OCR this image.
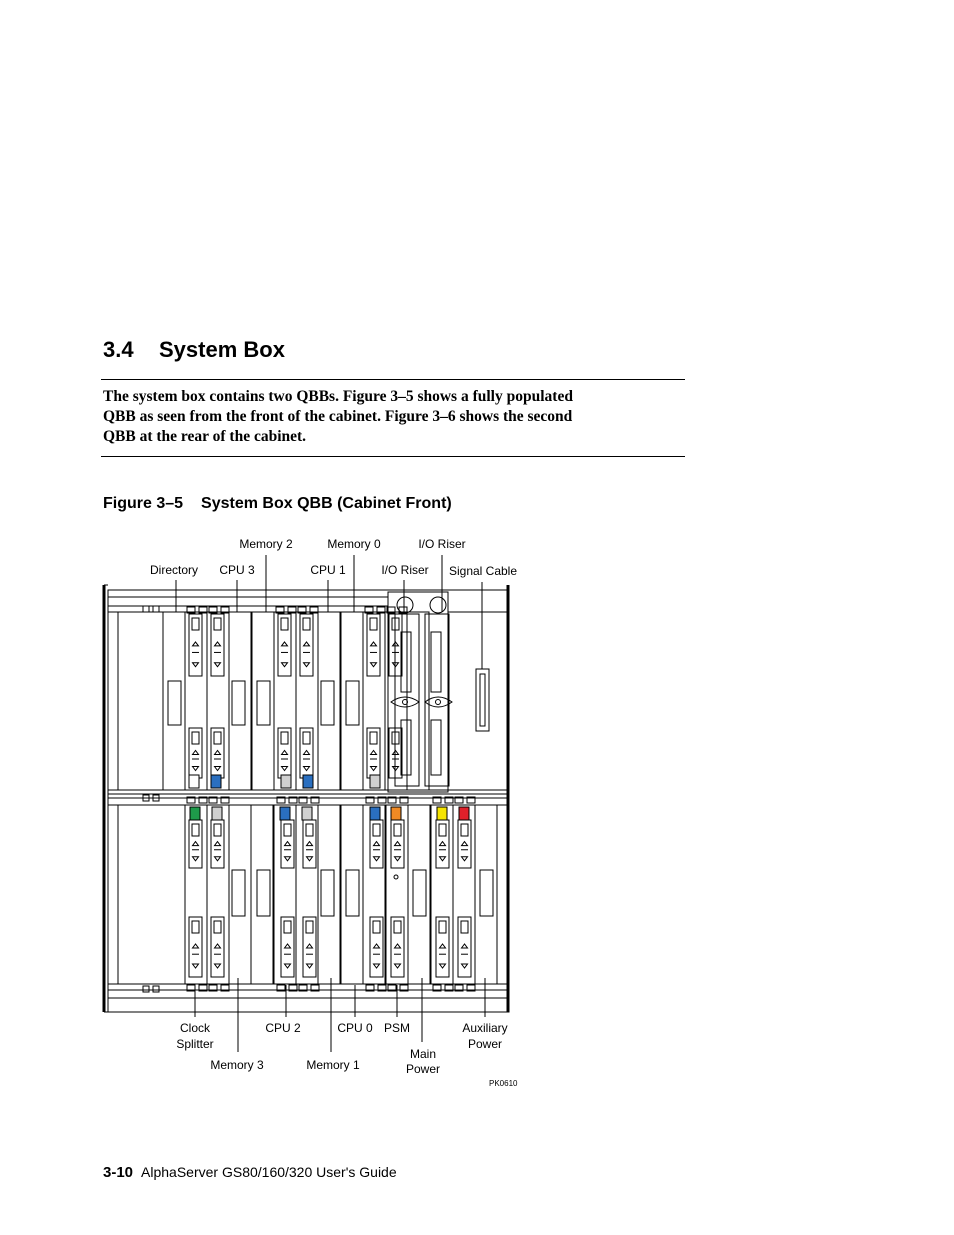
3.4 System Box
The system box contains two QBBs. Figure 3–5 shows a fully populated
QBB as seen from the front of the cabinet. Figure 3–6 shows the second
QBB at the rear of the cabinet.
Figure 3–5 System Box QBB (Cabinet Front)
Memory 2	Memory 0	I/O Riser
Directory CPU 3	CPU 1	I/O Riser Signal Cable
Clock
Splitter
CPU 2	CPU 0 PSM	Auxiliary
Power
Memory 3	Memory 1
Main
Power
PK0610
3-10 AlphaServer GS80/160/320 User's Guide
